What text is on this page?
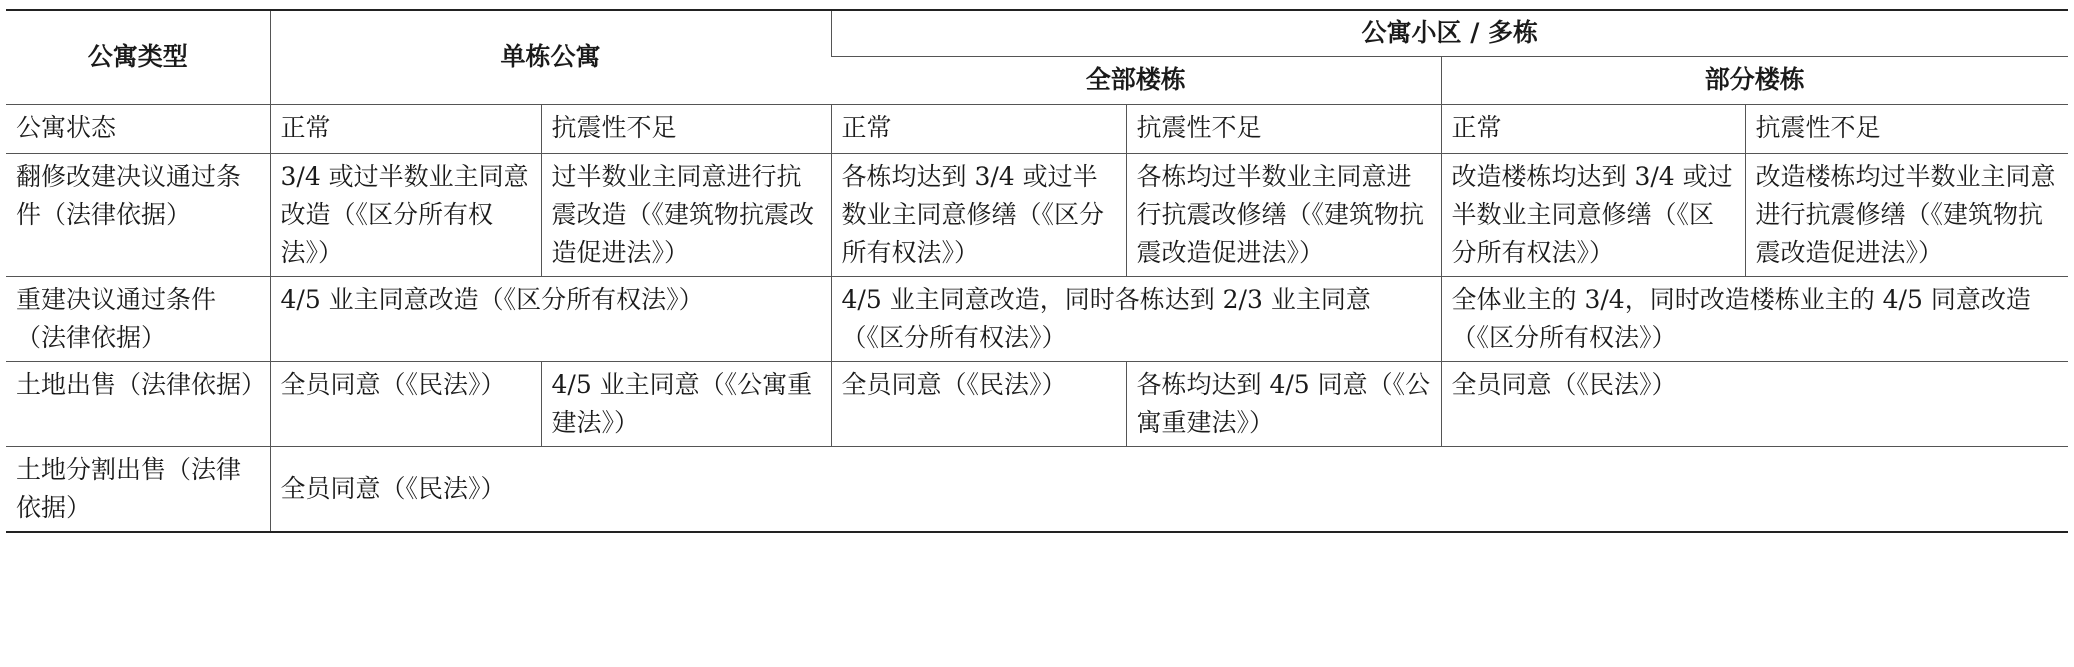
公寓类型	单栋公寓		公寓小区 / 多栋			
			全部楼栋		部分楼栋	
公寓状态	正常	抗震性不足	正常	抗震性不足	正常	抗震性不足
翻修改建决议通过条件（法律依据）	3/4 或过半数业主同意改造（《区分所有权法》）	过半数业主同意进行抗震改造（《建筑物抗震改造促进法》）	各栋均达到 3/4 或过半数业主同意修缮（《区分所有权法》）	各栋均过半数业主同意进行抗震改修缮（《建筑物抗震改造促进法》）	改造楼栋均达到 3/4 或过半数业主同意修缮（《区分所有权法》）	改造楼栋均过半数业主同意进行抗震修缮（《建筑物抗震改造促进法》）
重建决议通过条件（法律依据）	4/5 业主同意改造（《区分所有权法》）		4/5 业主同意改造，同时各栋达到 2/3 业主同意（《区分所有权法》）		全体业主的 3/4，同时改造楼栋业主的 4/5 同意改造（《区分所有权法》）	
土地出售（法律依据）	全员同意（《民法》）	4/5 业主同意（《公寓重建法》）	全员同意（《民法》）	各栋均达到 4/5 同意（《公寓重建法》）	全员同意（《民法》）	
土地分割出售（法律依据）	全员同意（《民法》）					
